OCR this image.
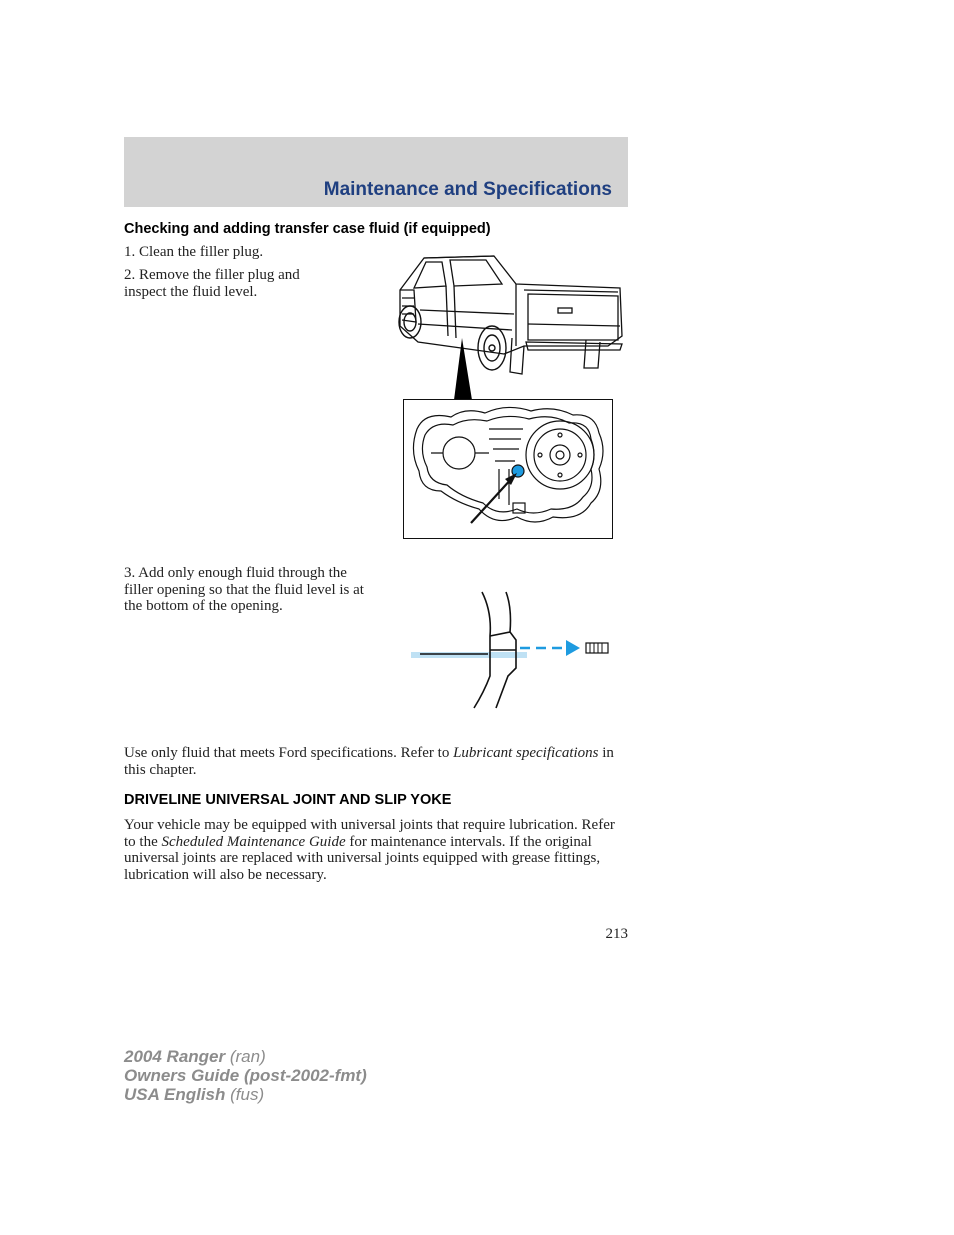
Maintenance and Specifications
Checking and adding transfer case fluid (if equipped)
1. Clean the filler plug.
2. Remove the filler plug and inspect the fluid level.
3. Add only enough fluid through the filler opening so that the fluid level is at the bottom of the opening.
Use only fluid that meets Ford specifications. Refer to Lubricant specifications in this chapter.
DRIVELINE UNIVERSAL JOINT AND SLIP YOKE
Your vehicle may be equipped with universal joints that require lubrication. Refer to the Scheduled Maintenance Guide for maintenance intervals. If the original universal joints are replaced with universal joints equipped with grease fittings, lubrication will also be necessary.
213
2004 Ranger (ran)
Owners Guide (post-2002-fmt)
USA English (fus)
